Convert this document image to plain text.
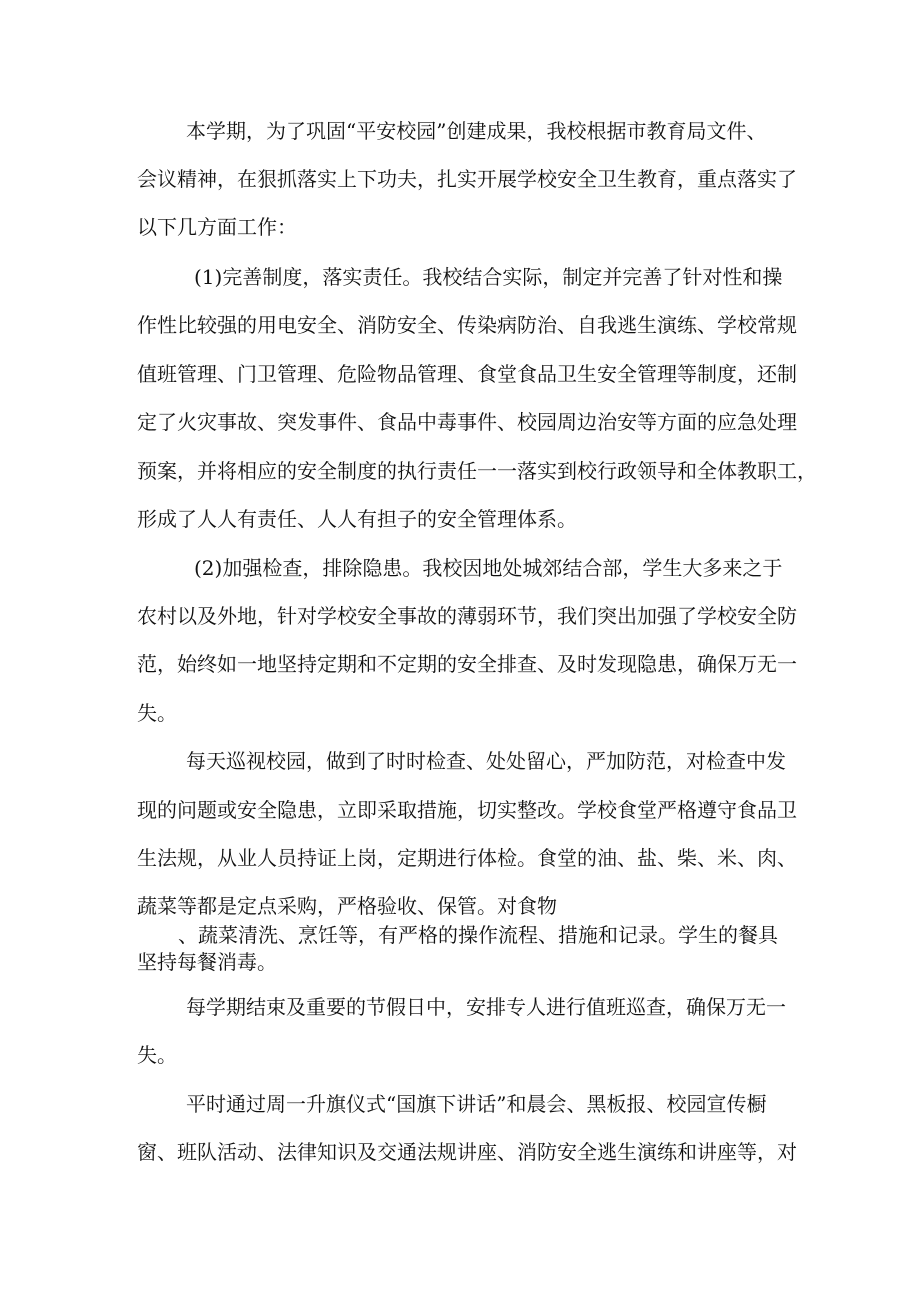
本学期，为了巩固“平安校园”创建成果，我校根据市教育局文件、
会议精神，在狠抓落实上下功夫，扎实开展学校安全卫生教育，重点落实了
以下几方面工作：
(1)完善制度，落实责任。我校结合实际，制定并完善了针对性和操
作性比较强的用电安全、消防安全、传染病防治、自我逃生演练、学校常规
值班管理、门卫管理、危险物品管理、食堂食品卫生安全管理等制度，还制
定了火灾事故、突发事件、食品中毒事件、校园周边治安等方面的应急处理
预案，并将相应的安全制度的执行责任一一落实到校行政领导和全体教职工，
形成了人人有责任、人人有担子的安全管理体系。
(2)加强检查，排除隐患。我校因地处城郊结合部，学生大多来之于
农村以及外地，针对学校安全事故的薄弱环节，我们突出加强了学校安全防
范，始终如一地坚持定期和不定期的安全排查、及时发现隐患，确保万无一
失。
每天巡视校园，做到了时时检查、处处留心，严加防范，对检查中发
现的问题或安全隐患，立即采取措施，切实整改。学校食堂严格遵守食品卫
生法规，从业人员持证上岗，定期进行体检。食堂的油、盐、柴、米、肉、
蔬菜等都是定点采购，严格验收、保管。对食物
、蔬菜清洗、烹饪等，有严格的操作流程、措施和记录。学生的餐具
坚持每餐消毒。
每学期结束及重要的节假日中，安排专人进行值班巡查，确保万无一
失。
平时通过周一升旗仪式“国旗下讲话”和晨会、黑板报、校园宣传橱
窗、班队活动、法律知识及交通法规讲座、消防安全逃生演练和讲座等，对
